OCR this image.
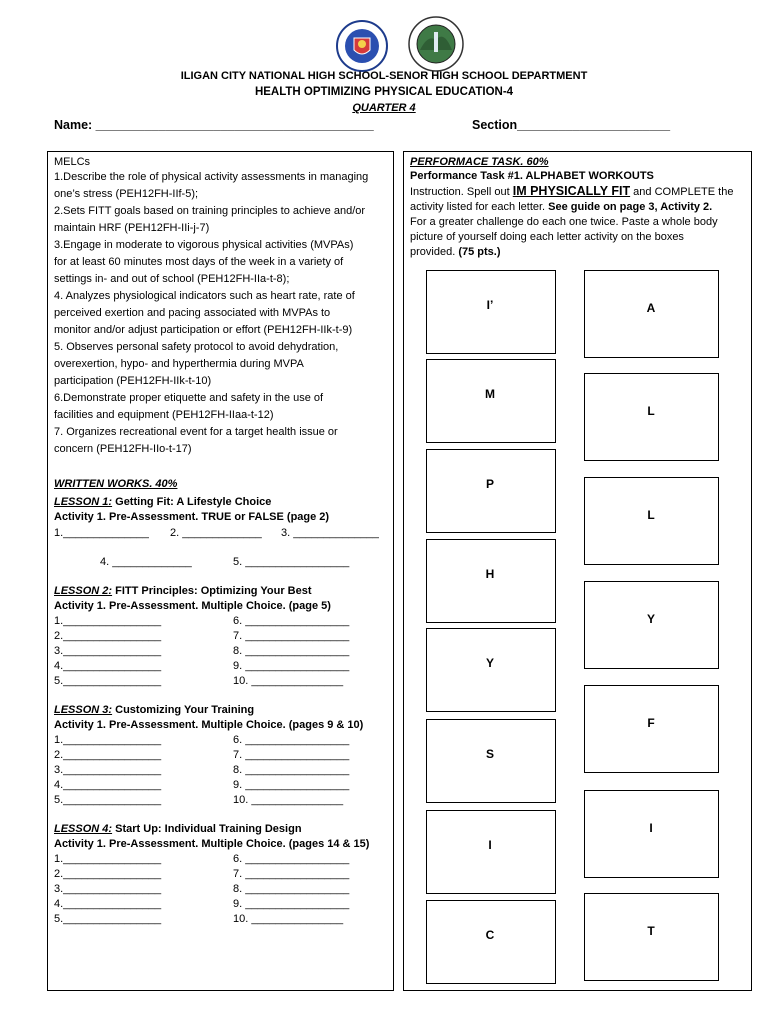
ILIGAN CITY NATIONAL HIGH SCHOOL-SENOR HIGH SCHOOL DEPARTMENT
HEALTH OPTIMIZING PHYSICAL EDUCATION-4
QUARTER 4
Name: ________________________________________	Section______________________
MELCs
1.Describe the role of physical activity assessments in managing
one’s stress (PEH12FH-IIf-5);
2.Sets FITT goals based on training principles to achieve and/or
maintain HRF (PEH12FH-IIi-j-7)
3.Engage in moderate to vigorous physical activities (MVPAs)
for at least 60 minutes most days of the week in a variety of
settings in- and out of school (PEH12FH-IIa-t-8);
4. Analyzes physiological indicators such as heart rate, rate of
perceived exertion and pacing associated with MVPAs to
monitor and/or adjust participation or effort (PEH12FH-IIk-t-9)
5. Observes personal safety protocol to avoid dehydration,
overexertion, hypo- and hyperthermia during MVPA
participation (PEH12FH-IIk-t-10)
6.Demonstrate proper etiquette and safety in the use of
facilities and equipment (PEH12FH-IIaa-t-12)
7. Organizes recreational event for a target health issue or
concern (PEH12FH-IIo-t-17)
WRITTEN WORKS. 40%
LESSON 1: Getting Fit: A Lifestyle Choice
Activity 1. Pre-Assessment. TRUE or FALSE (page 2)
1.______________ 2. _____________ 3. ______________
4. _____________	5. _________________
LESSON 2: FITT Principles: Optimizing Your Best
Activity 1. Pre-Assessment. Multiple Choice. (page 5)
1.________________	6. _________________
2.________________	7. _________________
3.________________	8. _________________
4.________________	9. _________________
5.________________	10. _______________
LESSON 3: Customizing Your Training
Activity 1. Pre-Assessment. Multiple Choice. (pages 9 & 10)
1.________________	6. _________________
2.________________	7. _________________
3.________________	8. _________________
4.________________	9. _________________
5.________________	10. _______________
LESSON 4: Start Up: Individual Training Design
Activity 1. Pre-Assessment. Multiple Choice. (pages 14 & 15)
1.________________	6. _________________
2.________________	7. _________________
3.________________	8. _________________
4.________________	9. _________________
5.________________	10. _______________
PERFORMACE TASK. 60%
Performance Task #1. ALPHABET WORKOUTS
Instruction. Spell out IM PHYSICALLY FIT and COMPLETE the
activity listed for each letter. See guide on page 3, Activity 2.
For a greater challenge do each one twice. Paste a whole body
picture of yourself doing each letter activity on the boxes
provided. (75 pts.)
I’
M
P
H
Y
S
I
C
A
L
L
Y
F
I
T
